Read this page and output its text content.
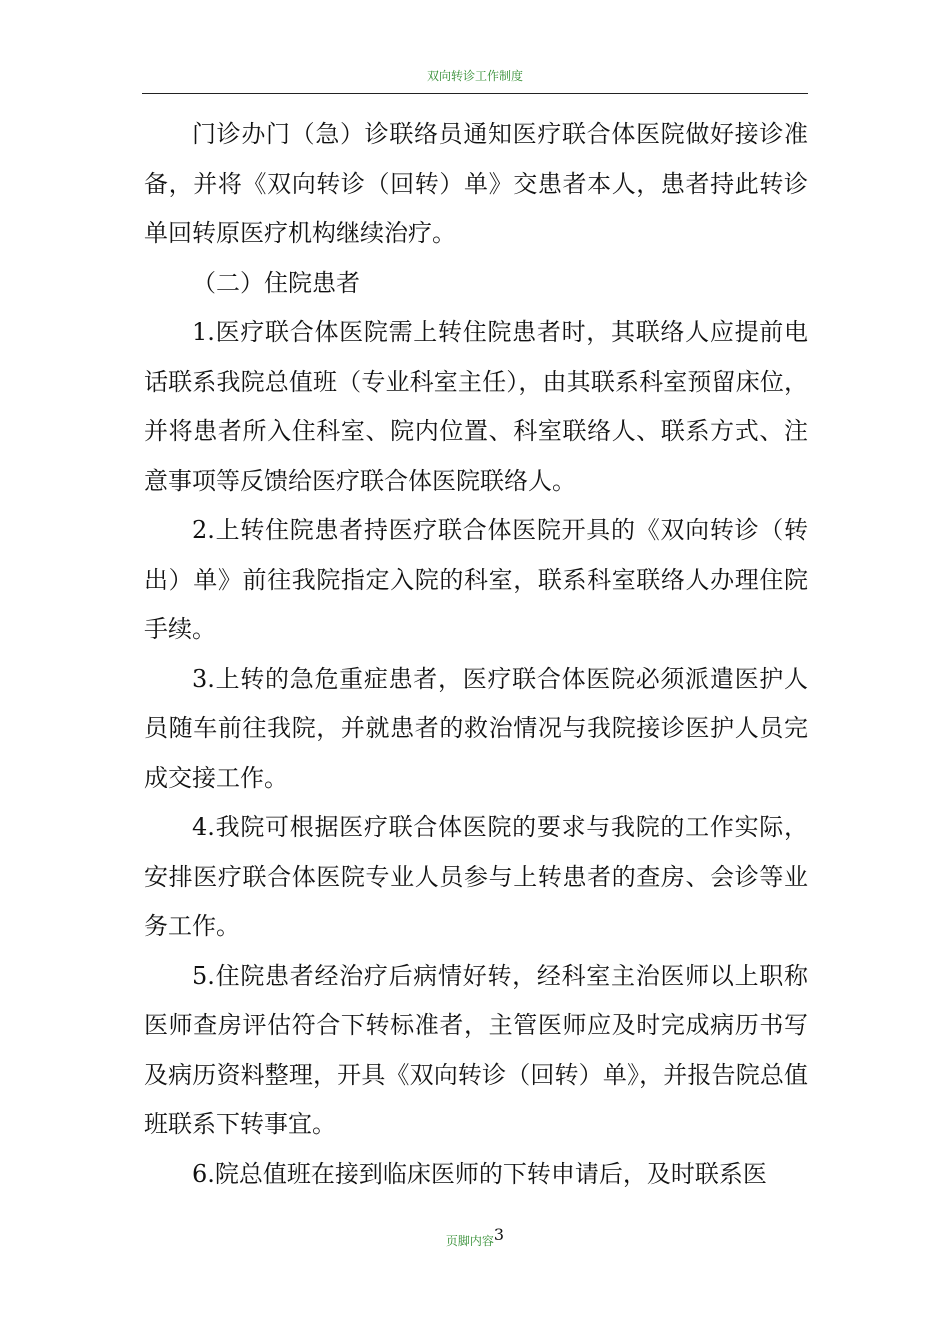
双向转诊工作制度

门诊办门（急）诊联络员通知医疗联合体医院做好接诊准备，并将《双向转诊（回转）单》交患者本人，患者持此转诊单回转原医疗机构继续治疗。

（二）住院患者

1.医疗联合体医院需上转住院患者时，其联络人应提前电话联系我院总值班（专业科室主任），由其联系科室预留床位，并将患者所入住科室、院内位置、科室联络人、联系方式、注意事项等反馈给医疗联合体医院联络人。

2.上转住院患者持医疗联合体医院开具的《双向转诊（转出）单》前往我院指定入院的科室，联系科室联络人办理住院手续。

3.上转的急危重症患者，医疗联合体医院必须派遣医护人员随车前往我院，并就患者的救治情况与我院接诊医护人员完成交接工作。

4.我院可根据医疗联合体医院的要求与我院的工作实际，安排医疗联合体医院专业人员参与上转患者的查房、会诊等业务工作。

5.住院患者经治疗后病情好转，经科室主治医师以上职称医师查房评估符合下转标准者，主管医师应及时完成病历书写及病历资料整理，开具《双向转诊（回转）单》，并报告院总值班联系下转事宜。

6.院总值班在接到临床医师的下转申请后，及时联系医

页脚内容3
